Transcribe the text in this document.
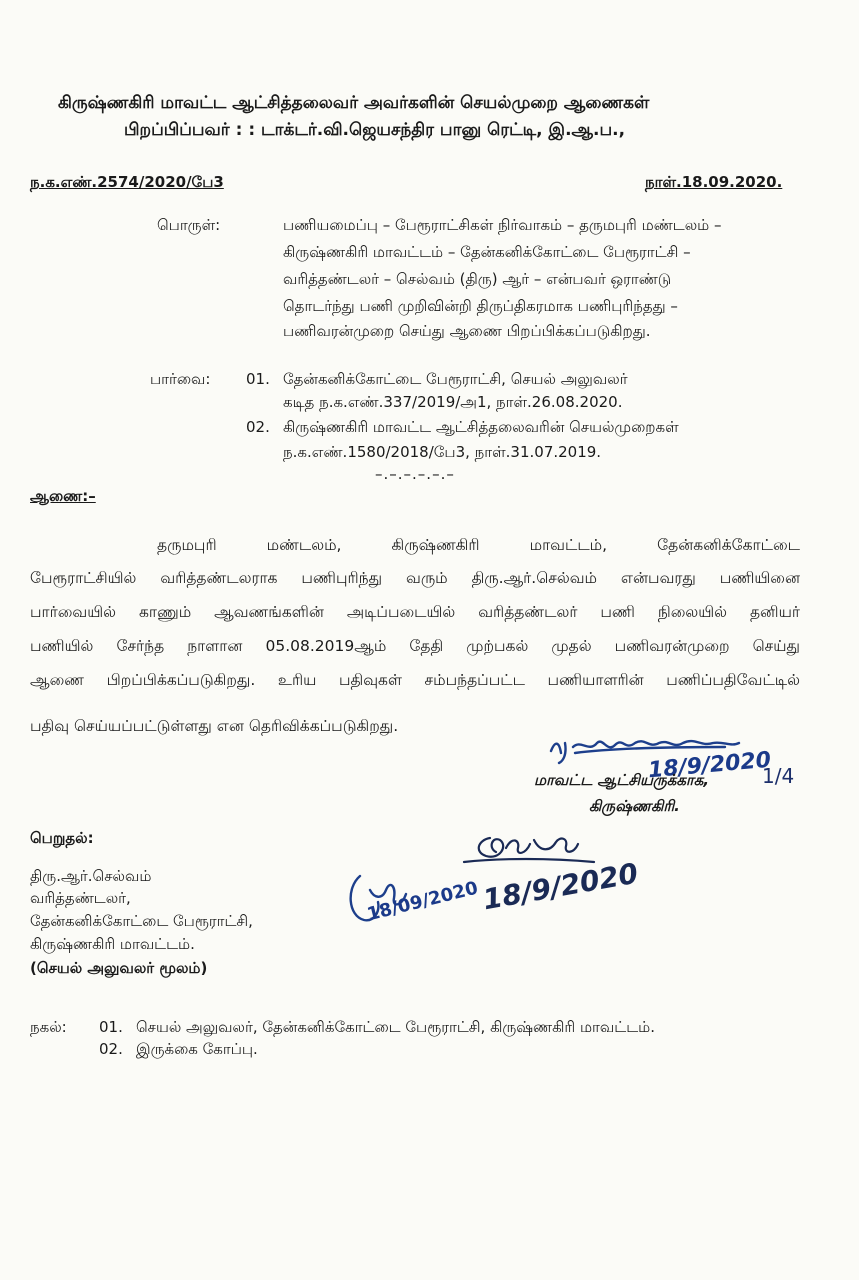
கிருஷ்ணகிரி மாவட்ட ஆட்சித்தலைவர் அவர்களின் செயல்முறை ஆணைகள்
பிறப்பிப்பவர் : : டாக்டர்.வி.ஜெயசந்திர பானு ரெட்டி, இ.ஆ.ப.,
ந.க.எண்.2574/2020/பே3	நாள்.18.09.2020.
பொருள்:	பணியமைப்பு – பேரூராட்சிகள் நிர்வாகம் – தருமபுரி மண்டலம் –
கிருஷ்ணகிரி மாவட்டம் – தேன்கனிக்கோட்டை பேரூராட்சி –
வரித்தண்டலர் – செல்வம் (திரு) ஆர் – என்பவர் ஒராண்டு
தொடர்ந்து பணி முறிவின்றி திருப்திகரமாக பணிபுரிந்தது –
பணிவரன்முறை செய்து ஆணை பிறப்பிக்கப்படுகிறது.
பார்வை: 01. தேன்கனிக்கோட்டை பேரூராட்சி, செயல் அலுவலர்
கடித ந.க.எண்.337/2019/அ1, நாள்.26.08.2020.
02. கிருஷ்ணகிரி மாவட்ட ஆட்சித்தலைவரின் செயல்முறைகள்
ந.க.எண்.1580/2018/பே3, நாள்.31.07.2019.
–.–.–.–.–.–
ஆணை:–
தருமபுரி மண்டலம், கிருஷ்ணகிரி மாவட்டம், தேன்கனிக்கோட்டை
பேரூராட்சியில் வரித்தண்டலராக பணிபுரிந்து வரும் திரு.ஆர்.செல்வம் என்பவரது பணியினை
பார்வையில் காணும் ஆவணங்களின் அடிப்படையில் வரித்தண்டலர் பணி நிலையில் தனியர்
பணியில் சேர்ந்த நாளான 05.08.2019ஆம் தேதி முற்பகல் முதல் பணிவரன்முறை செய்து
ஆணை பிறப்பிக்கப்படுகிறது. உரிய பதிவுகள் சம்பந்தப்பட்ட பணியாளரின் பணிப்பதிவேட்டில்
பதிவு செய்யப்பட்டுள்ளது என தெரிவிக்கப்படுகிறது.
18/9/2020
1/4
மாவட்ட ஆட்சியருக்காக,
கிருஷ்ணகிரி.
பெறுதல்:
திரு.ஆர்.செல்வம்
வரித்தண்டலர்,
தேன்கனிக்கோட்டை பேரூராட்சி,
கிருஷ்ணகிரி மாவட்டம்.
(செயல் அலுவலர் மூலம்)
18/9/2020
18/09/2020
நகல்: 01. செயல் அலுவலர், தேன்கனிக்கோட்டை பேரூராட்சி, கிருஷ்ணகிரி மாவட்டம்.
02. இருக்கை கோப்பு.
